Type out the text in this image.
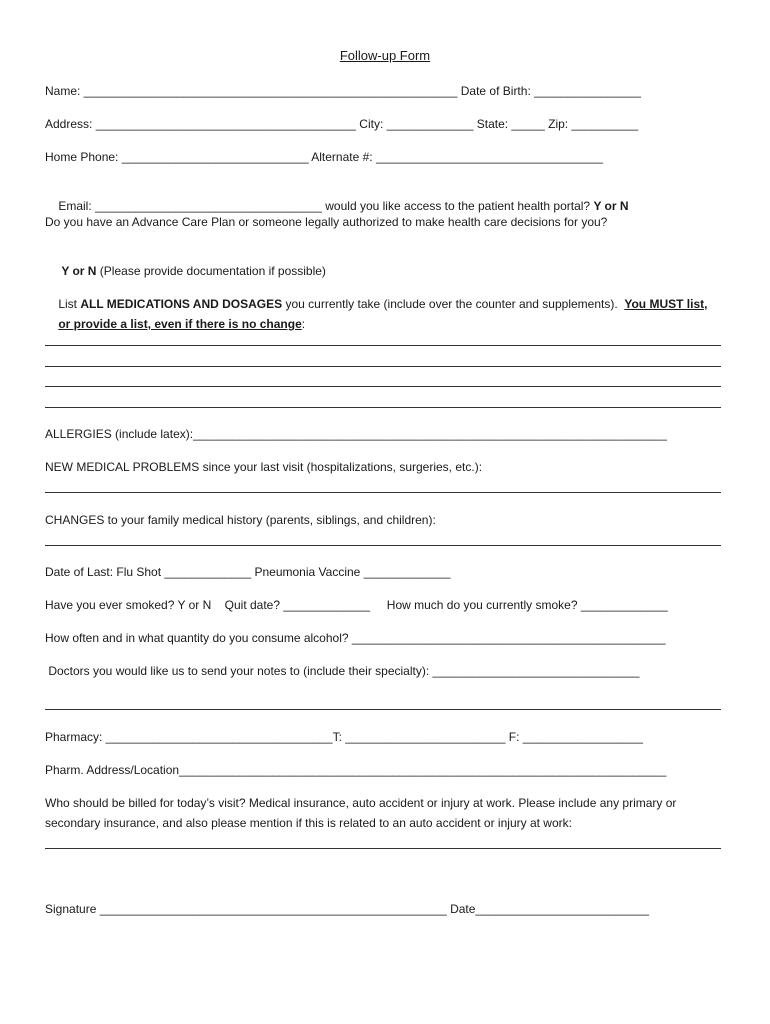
Follow-up Form
Name: ________________________________________________________ Date of Birth: ________________
Address: _______________________________________ City: _____________ State: _____ Zip: __________
Home Phone: ____________________________ Alternate #: __________________________________

Email: __________________________________ would you like access to the patient health portal? Y or N

Do you have an Advance Care Plan or someone legally authorized to make health care decisions for you?

Y or N (Please provide documentation if possible)

List ALL MEDICATIONS AND DOSAGES you currently take (include over the counter and supplements).  You MUST list,

or provide a list, even if there is no change:

ALLERGIES (include latex):_______________________________________________________________________
NEW MEDICAL PROBLEMS since your last visit (hospitalizations, surgeries, etc.):
CHANGES to your family medical history (parents, siblings, and children):
Date of Last: Flu Shot _____________ Pneumonia Vaccine _____________
Have you ever smoked? Y or N    Quit date? _____________     How much do you currently smoke? _____________
How often and in what quantity do you consume alcohol? _______________________________________________
Doctors you would like us to send your notes to (include their specialty): _______________________________
Pharmacy: __________________________________T: ________________________ F: __________________
Pharm. Address/Location_________________________________________________________________________
Who should be billed for today’s visit? Medical insurance, auto accident or injury at work. Please include any primary or
secondary insurance, and also please mention if this is related to an auto accident or injury at work:
Signature ____________________________________________________ Date__________________________
